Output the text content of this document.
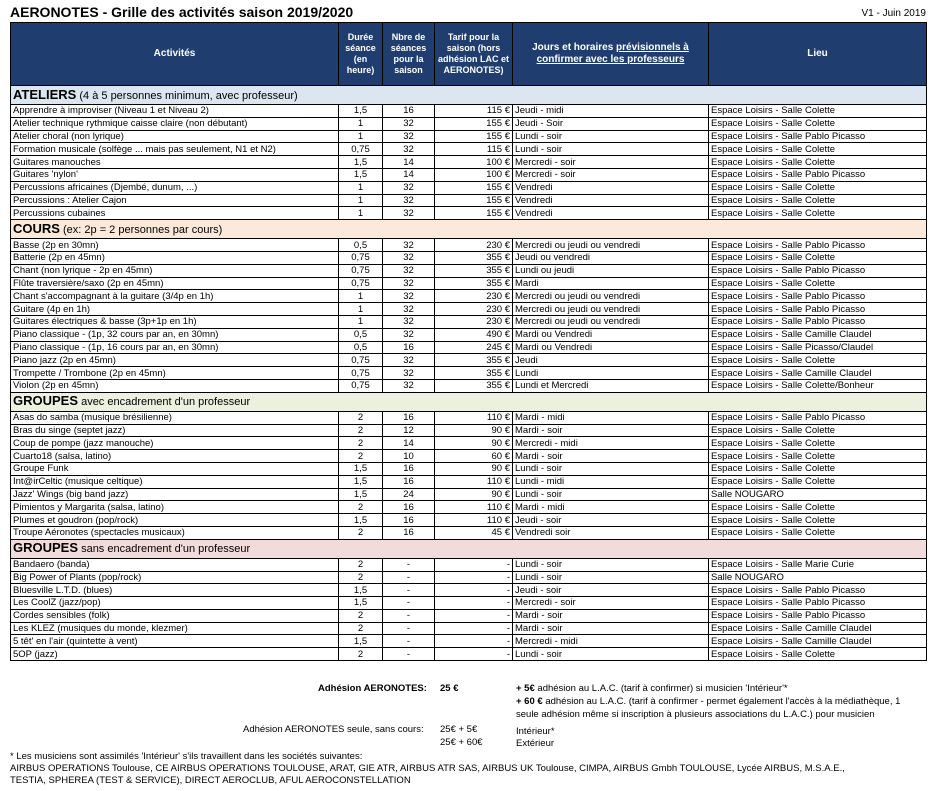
AERONOTES - Grille des activités saison 2019/2020	V1 - Juin 2019
Activités	Durée séance (en heure)	Nbre de séances pour la saison	Tarif pour la saison (hors adhésion LAC et AERONOTES)	Jours et horaires prévisionnels à confirmer avec les professeurs	Lieu
ATELIERS (4 à 5 personnes minimum, avec professeur)					
Apprendre à improviser (Niveau 1 et Niveau 2)	1,5	16	115 €	Jeudi - midi	Espace Loisirs - Salle Colette
Atelier technique rythmique caisse claire (non débutant)	1	32	155 €	Jeudi - Soir	Espace Loisirs - Salle Colette
Atelier choral (non lyrique)	1	32	155 €	Lundi - soir	Espace Loisirs - Salle Pablo Picasso
Formation musicale (solfège ... mais pas seulement, N1 et N2)	0,75	32	115 €	Lundi - soir	Espace Loisirs - Salle Colette
Guitares manouches	1,5	14	100 €	Mercredi - soir	Espace Loisirs - Salle Colette
Guitares 'nylon'	1,5	14	100 €	Mercredi - soir	Espace Loisirs - Salle Pablo Picasso
Percussions africaines (Djembé, dunum, ...)	1	32	155 €	Vendredi	Espace Loisirs - Salle Colette
Percussions : Atelier Cajon	1	32	155 €	Vendredi	Espace Loisirs - Salle Colette
Percussions cubaines	1	32	155 €	Vendredi	Espace Loisirs - Salle Colette
COURS (ex: 2p = 2 personnes par cours)					
Basse (2p en 30mn)	0,5	32	230 €	Mercredi ou jeudi ou vendredi	Espace Loisirs - Salle Pablo Picasso
Batterie (2p en 45mn)	0,75	32	355 €	Jeudi ou vendredi	Espace Loisirs - Salle Colette
Chant (non lyrique - 2p en 45mn)	0,75	32	355 €	Lundi ou jeudi	Espace Loisirs - Salle Pablo Picasso
Flûte traversière/saxo (2p en 45mn)	0,75	32	355 €	Mardi	Espace Loisirs - Salle Colette
Chant s'accompagnant à la guitare (3/4p en 1h)	1	32	230 €	Mercredi ou jeudi ou vendredi	Espace Loisirs - Salle Pablo Picasso
Guitare (4p en 1h)	1	32	230 €	Mercredi ou jeudi ou vendredi	Espace Loisirs - Salle Pablo Picasso
Guitares électriques & basse (3p+1p en 1h)	1	32	230 €	Mercredi ou jeudi ou vendredi	Espace Loisirs - Salle Pablo Picasso
Piano classique - (1p, 32 cours par an, en 30mn)	0,5	32	490 €	Mardi ou Vendredi	Espace Loisirs - Salle Camille Claudel
Piano classique - (1p, 16 cours par an, en 30mn)	0,5	16	245 €	Mardi ou Vendredi	Espace Loisirs - Salle Picasso/Claudel
Piano jazz (2p en 45mn)	0,75	32	355 €	Jeudi	Espace Loisirs - Salle Colette
Trompette / Trombone (2p en 45mn)	0,75	32	355 €	Lundi	Espace Loisirs - Salle Camille Claudel
Violon (2p en 45mn)	0,75	32	355 €	Lundi et Mercredi	Espace Loisirs - Salle Colette/Bonheur
GROUPES avec encadrement d'un professeur					
Asas do samba (musique brésilienne)	2	16	110 €	Mardi - midi	Espace Loisirs - Salle Pablo Picasso
Bras du singe (septet jazz)	2	12	90 €	Mardi - soir	Espace Loisirs - Salle Colette
Coup de pompe (jazz manouche)	2	14	90 €	Mercredi - midi	Espace Loisirs - Salle Colette
Cuarto18 (salsa, latino)	2	10	60 €	Mardi - soir	Espace Loisirs - Salle Colette
Groupe Funk	1,5	16	90 €	Lundi - soir	Espace Loisirs - Salle Colette
Int@irCeltic (musique celtique)	1,5	16	110 €	Lundi - midi	Espace Loisirs - Salle Colette
Jazz' Wings (big band jazz)	1,5	24	90 €	Lundi - soir	Salle NOUGARO
Pimientos y Margarita (salsa, latino)	2	16	110 €	Mardi - midi	Espace Loisirs - Salle Colette
Plumes et goudron (pop/rock)	1,5	16	110 €	Jeudi - soir	Espace Loisirs - Salle Colette
Troupe Aéronotes (spectacles musicaux)	2	16	45 €	Vendredi soir	Espace Loisirs - Salle Colette
GROUPES sans encadrement d'un professeur					
Bandaero (banda)	2	-	-	Lundi - soir	Espace Loisirs - Salle Marie Curie
Big Power of Plants (pop/rock)	2	-	-	Lundi - soir	Salle NOUGARO
Bluesville L.T.D. (blues)	1,5	-	-	Jeudi - soir	Espace Loisirs - Salle Pablo Picasso
Les CoolZ (jazz/pop)	1,5	-	-	Mercredi - soir	Espace Loisirs - Salle Pablo Picasso
Cordes sensibles (folk)	2	-	-	Mardi - soir	Espace Loisirs - Salle Pablo Picasso
Les KLEZ (musiques du monde, klezmer)	2	-	-	Mardi - soir	Espace Loisirs - Salle Camille Claudel
5 têt' en l'air (quintette à vent)	1,5	-	-	Mercredi - midi	Espace Loisirs - Salle Camille Claudel
5OP (jazz)	2	-	-	Lundi - soir	Espace Loisirs - Salle Colette
Adhésion AERONOTES: 25 €	+ 5€ adhésion au L.A.C. (tarif à confirmer) si musicien 'Intérieur'*
+ 60 € adhésion au L.A.C. (tarif à confirmer - permet également l'accès à la médiathèque, 1
seule adhésion même si inscription à plusieurs associations du L.A.C.) pour musicien
Adhésion AERONOTES seule, sans cours: 25€ + 5€
25€ + 60€
Intérieur*
Extérieur
* Les musiciens sont assimilés 'Intérieur' s'ils travaillent dans les sociétés suivantes:
AIRBUS OPERATIONS Toulouse, CE AIRBUS OPERATIONS TOULOUSE, ARAT, GIE ATR, AIRBUS ATR SAS, AIRBUS UK Toulouse, CIMPA, AIRBUS Gmbh TOULOUSE, Lycée AIRBUS, M.S.A.E.,
TESTIA, SPHEREA (TEST & SERVICE), DIRECT AEROCLUB, AFUL AEROCONSTELLATION
